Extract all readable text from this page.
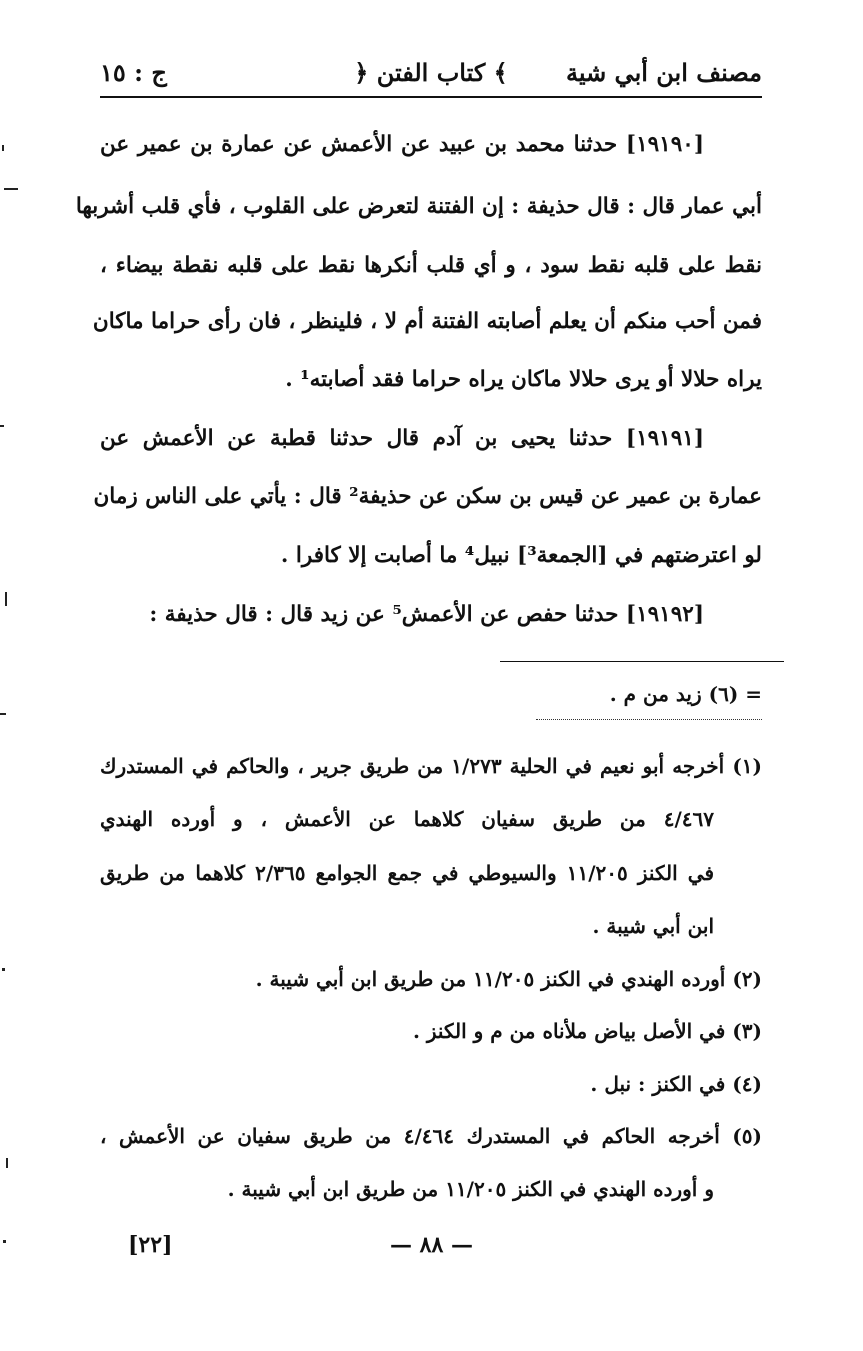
مصنف ابن أبي شية
﴿ كتاب الفتن ﴾
ج : ١٥
[١٩١٩٠] حدثنا محمد بن عبيد عن الأعمش عن عمارة بن عمير عن
أبي عمار قال : قال حذيفة : إن الفتنة لتعرض على القلوب ، فأي قلب أشربها
نقط على قلبه نقط سود ، و أي قلب أنكرها نقط على قلبه نقطة بيضاء ،
فمن أحب منكم أن يعلم أصابته الفتنة أم لا ، فلينظر ، فان رأى حراما ماكان
يراه حلالا أو يرى حلالا ماكان يراه حراما فقد أصابته¹ .
[١٩١٩١] حدثنا يحيى بن آدم قال حدثنا قطبة عن الأعمش عن
عمارة بن عمير عن قيس بن سكن عن حذيفة² قال : يأتي على الناس زمان
لو اعترضتهم في [الجمعة³] نبيل⁴ ما أصابت إلا كافرا .
[١٩١٩٢] حدثنا حفص عن الأعمش⁵ عن زيد قال : قال حذيفة :
= (٦) زيد من م .
(١) أخرجه أبو نعيم في الحلية ١/٢٧٣ من طريق جرير ، والحاكم في المستدرك
٤/٤٦٧ من طريق سفيان كلاهما عن الأعمش ، و أورده الهندي
في الكنز ١١/٢٠٥ والسيوطي في جمع الجوامع ٢/٣٦٥ كلاهما من طريق
ابن أبي شيبة .
(٢) أورده الهندي في الكنز ١١/٢٠٥ من طريق ابن أبي شيبة .
(٣) في الأصل بياض ملأناه من م و الكنز .
(٤) في الكنز : نبل .
(٥) أخرجه الحاكم في المستدرك ٤/٤٦٤ من طريق سفيان عن الأعمش ،
و أورده الهندي في الكنز ١١/٢٠٥ من طريق ابن أبي شيبة .
— ٨٨ —
[٢٢]
